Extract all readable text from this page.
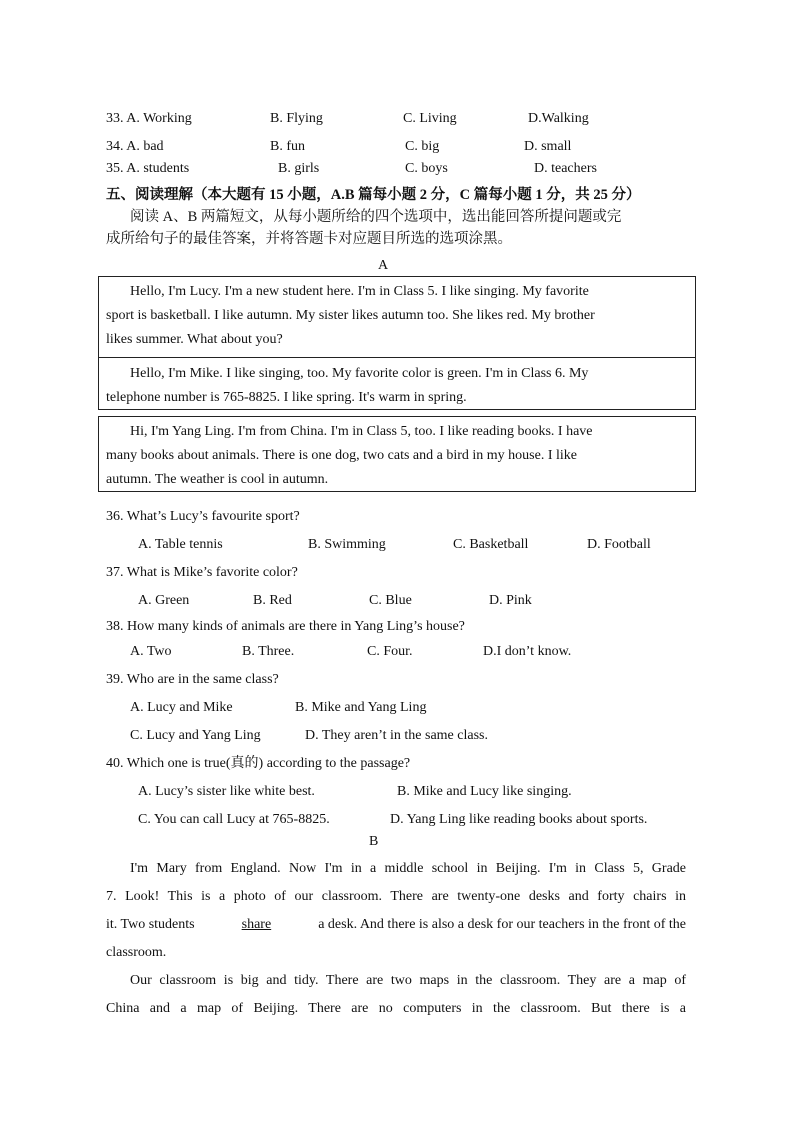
33. A. Working	B. Flying	C. Living	D.Walking
34. A. bad	B. fun	C. big	D. small
35. A. students	B. girls	C. boys	D. teachers
五、阅读理解（本大题有 15 小题，A.B 篇每小题 2 分，C 篇每小题 1 分，共 25 分）
阅读 A、B 两篇短文，从每小题所给的四个选项中，选出能回答所提问题或完
成所给句子的最佳答案，并将答题卡对应题目所选的选项涂黑。
A
Hello, I'm Lucy. I'm a new student here. I'm in Class 5. I like singing. My favorite
sport is basketball. I like autumn. My sister likes autumn too. She likes red. My brother
likes summer. What about you?
Hello, I'm Mike. I like singing, too. My favorite color is green. I'm in Class 6. My
telephone number is 765-8825. I like spring. It's warm in spring.
Hi, I'm Yang Ling. I'm from China. I'm in Class 5, too. I like reading books. I have
many books about animals. There is one dog, two cats and a bird in my house. I like
autumn. The weather is cool in autumn.
36. What’s Lucy’s favourite sport?
A. Table tennis	B. Swimming	C. Basketball	D. Football
37. What is Mike’s favorite color?
A. Green	B. Red	C. Blue	D. Pink
38. How many kinds of animals are there in Yang Ling’s house?
A. Two	B. Three.	C. Four.	D.I don’t know.
39. Who are in the same class?
A. Lucy and Mike	B. Mike and Yang Ling
C. Lucy and Yang Ling	D. They aren’t in the same class.
40. Which one is true(真的) according to the passage?
A. Lucy’s sister like white best.	B. Mike and Lucy like singing.
C. You can call Lucy at 765-8825.	D. Yang Ling like reading books about sports.
B
I'm Mary from England. Now I'm in a middle school in Beijing. I'm in Class 5, Grade
7. Look! This is a photo of our classroom. There are twenty-one desks and forty chairs in
it. Two students	share	a desk. And there is also a desk for our teachers in the front of the
classroom.
Our classroom is big and tidy. There are two maps in the classroom. They are a map of
China and a map of Beijing. There are no computers in the classroom. But there is a
